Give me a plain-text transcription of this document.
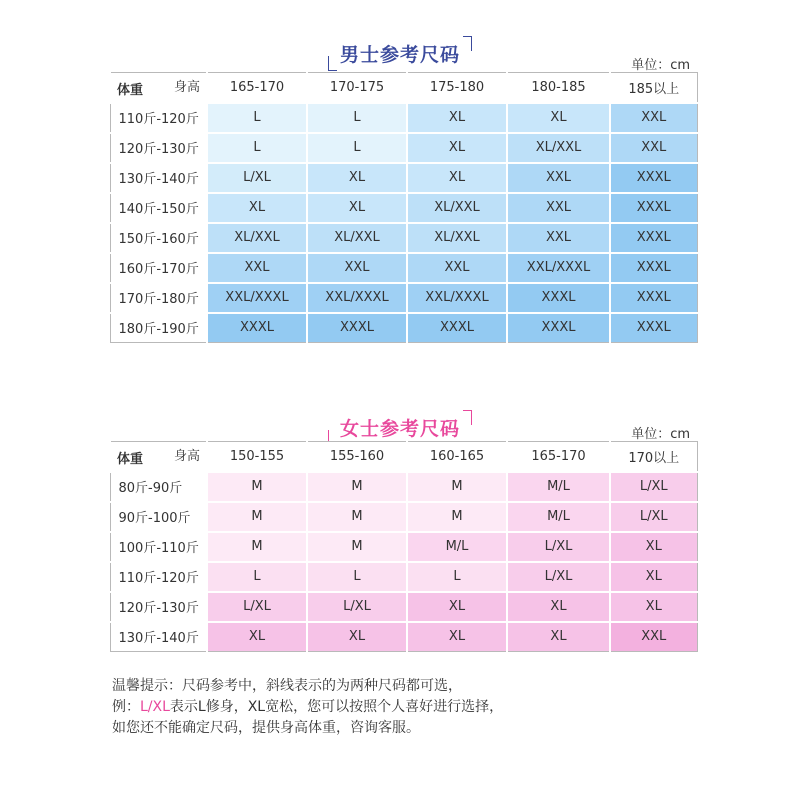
男士参考尺码	单位：cm
身高
体重	165-170	170-175	175-180	180-185	185以上
110斤-120斤	L	L	XL	XL	XXL
120斤-130斤	L	L	XL	XL/XXL	XXL
130斤-140斤	L/XL	XL	XL	XXL	XXXL
140斤-150斤	XL	XL	XL/XXL	XXL	XXXL
150斤-160斤	XL/XXL	XL/XXL	XL/XXL	XXL	XXXL
160斤-170斤	XXL	XXL	XXL	XXL/XXXL	XXXL
170斤-180斤	XXL/XXXL	XXL/XXXL	XXL/XXXL	XXXL	XXXL
180斤-190斤	XXXL	XXXL	XXXL	XXXL	XXXL
女士参考尺码	单位：cm
身高
体重	150-155	155-160	160-165	165-170	170以上
80斤-90斤	M	M	M	M/L	L/XL
90斤-100斤	M	M	M	M/L	L/XL
100斤-110斤	M	M	M/L	L/XL	XL
110斤-120斤	L	L	L	L/XL	XL
120斤-130斤	L/XL	L/XL	XL	XL	XL
130斤-140斤	XL	XL	XL	XL	XXL
温馨提示：尺码参考中，斜线表示的为两种尺码都可选，
例：L/XL表示L修身，XL宽松，您可以按照个人喜好进行选择，
如您还不能确定尺码，提供身高体重，咨询客服。
